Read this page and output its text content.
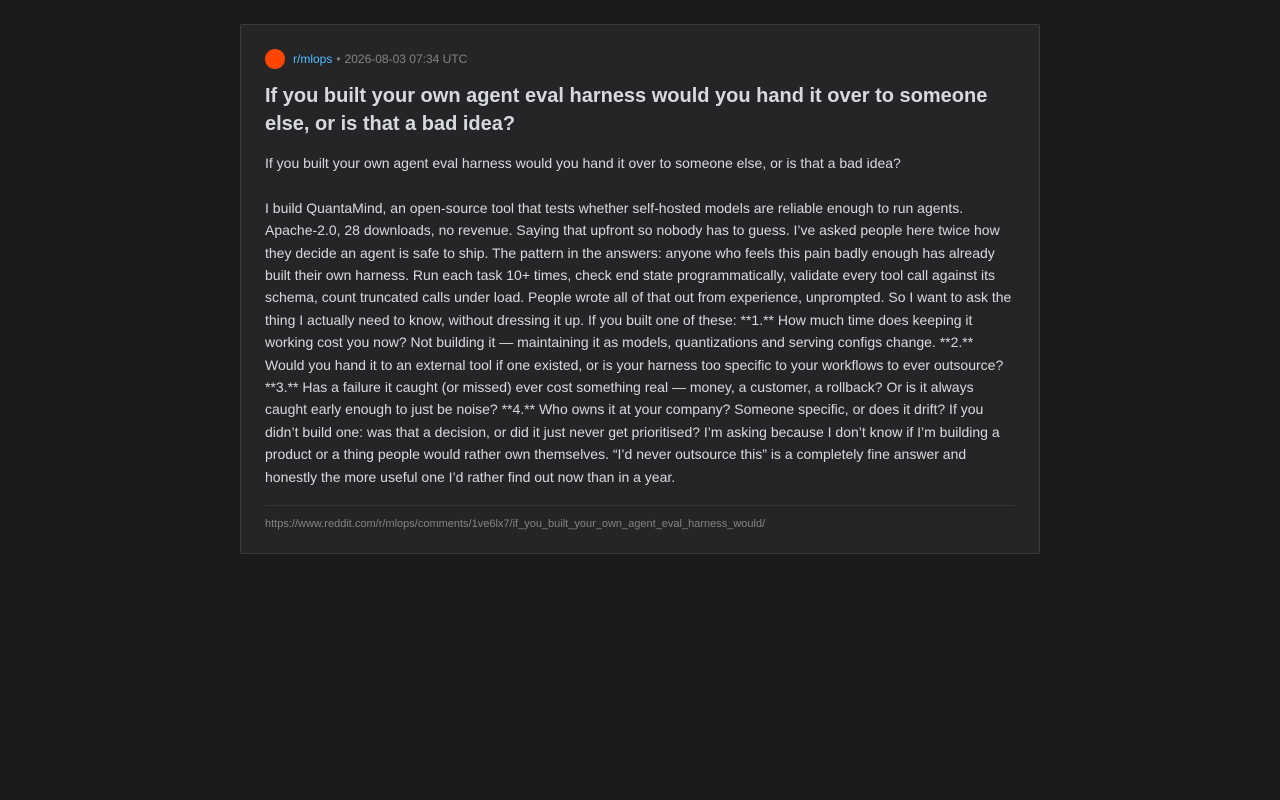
r/mlops • 2026-08-03 07:34 UTC
If you built your own agent eval harness would you hand it over to someone else, or is that a bad idea?

If you built your own agent eval harness would you hand it over to someone else, or is that a bad idea?

I build QuantaMind, an open-source tool that tests whether self-hosted models are reliable enough to run agents. Apache-2.0, 28 downloads, no revenue. Saying that upfront so nobody has to guess. I’ve asked people here twice how they decide an agent is safe to ship. The pattern in the answers: anyone who feels this pain badly enough has already built their own harness. Run each task 10+ times, check end state programmatically, validate every tool call against its schema, count truncated calls under load. People wrote all of that out from experience, unprompted. So I want to ask the thing I actually need to know, without dressing it up. If you built one of these: **1.** How much time does keeping it working cost you now? Not building it — maintaining it as models, quantizations and serving configs change. **2.** Would you hand it to an external tool if one existed, or is your harness too specific to your workflows to ever outsource? **3.** Has a failure it caught (or missed) ever cost something real — money, a customer, a rollback? Or is it always caught early enough to just be noise? **4.** Who owns it at your company? Someone specific, or does it drift? If you didn’t build one: was that a decision, or did it just never get prioritised? I’m asking because I don’t know if I’m building a product or a thing people would rather own themselves. “I’d never outsource this” is a completely fine answer and honestly the more useful one I’d rather find out now than in a year.

https://www.reddit.com/r/mlops/comments/1ve6lx7/if_you_built_your_own_agent_eval_harness_would/
